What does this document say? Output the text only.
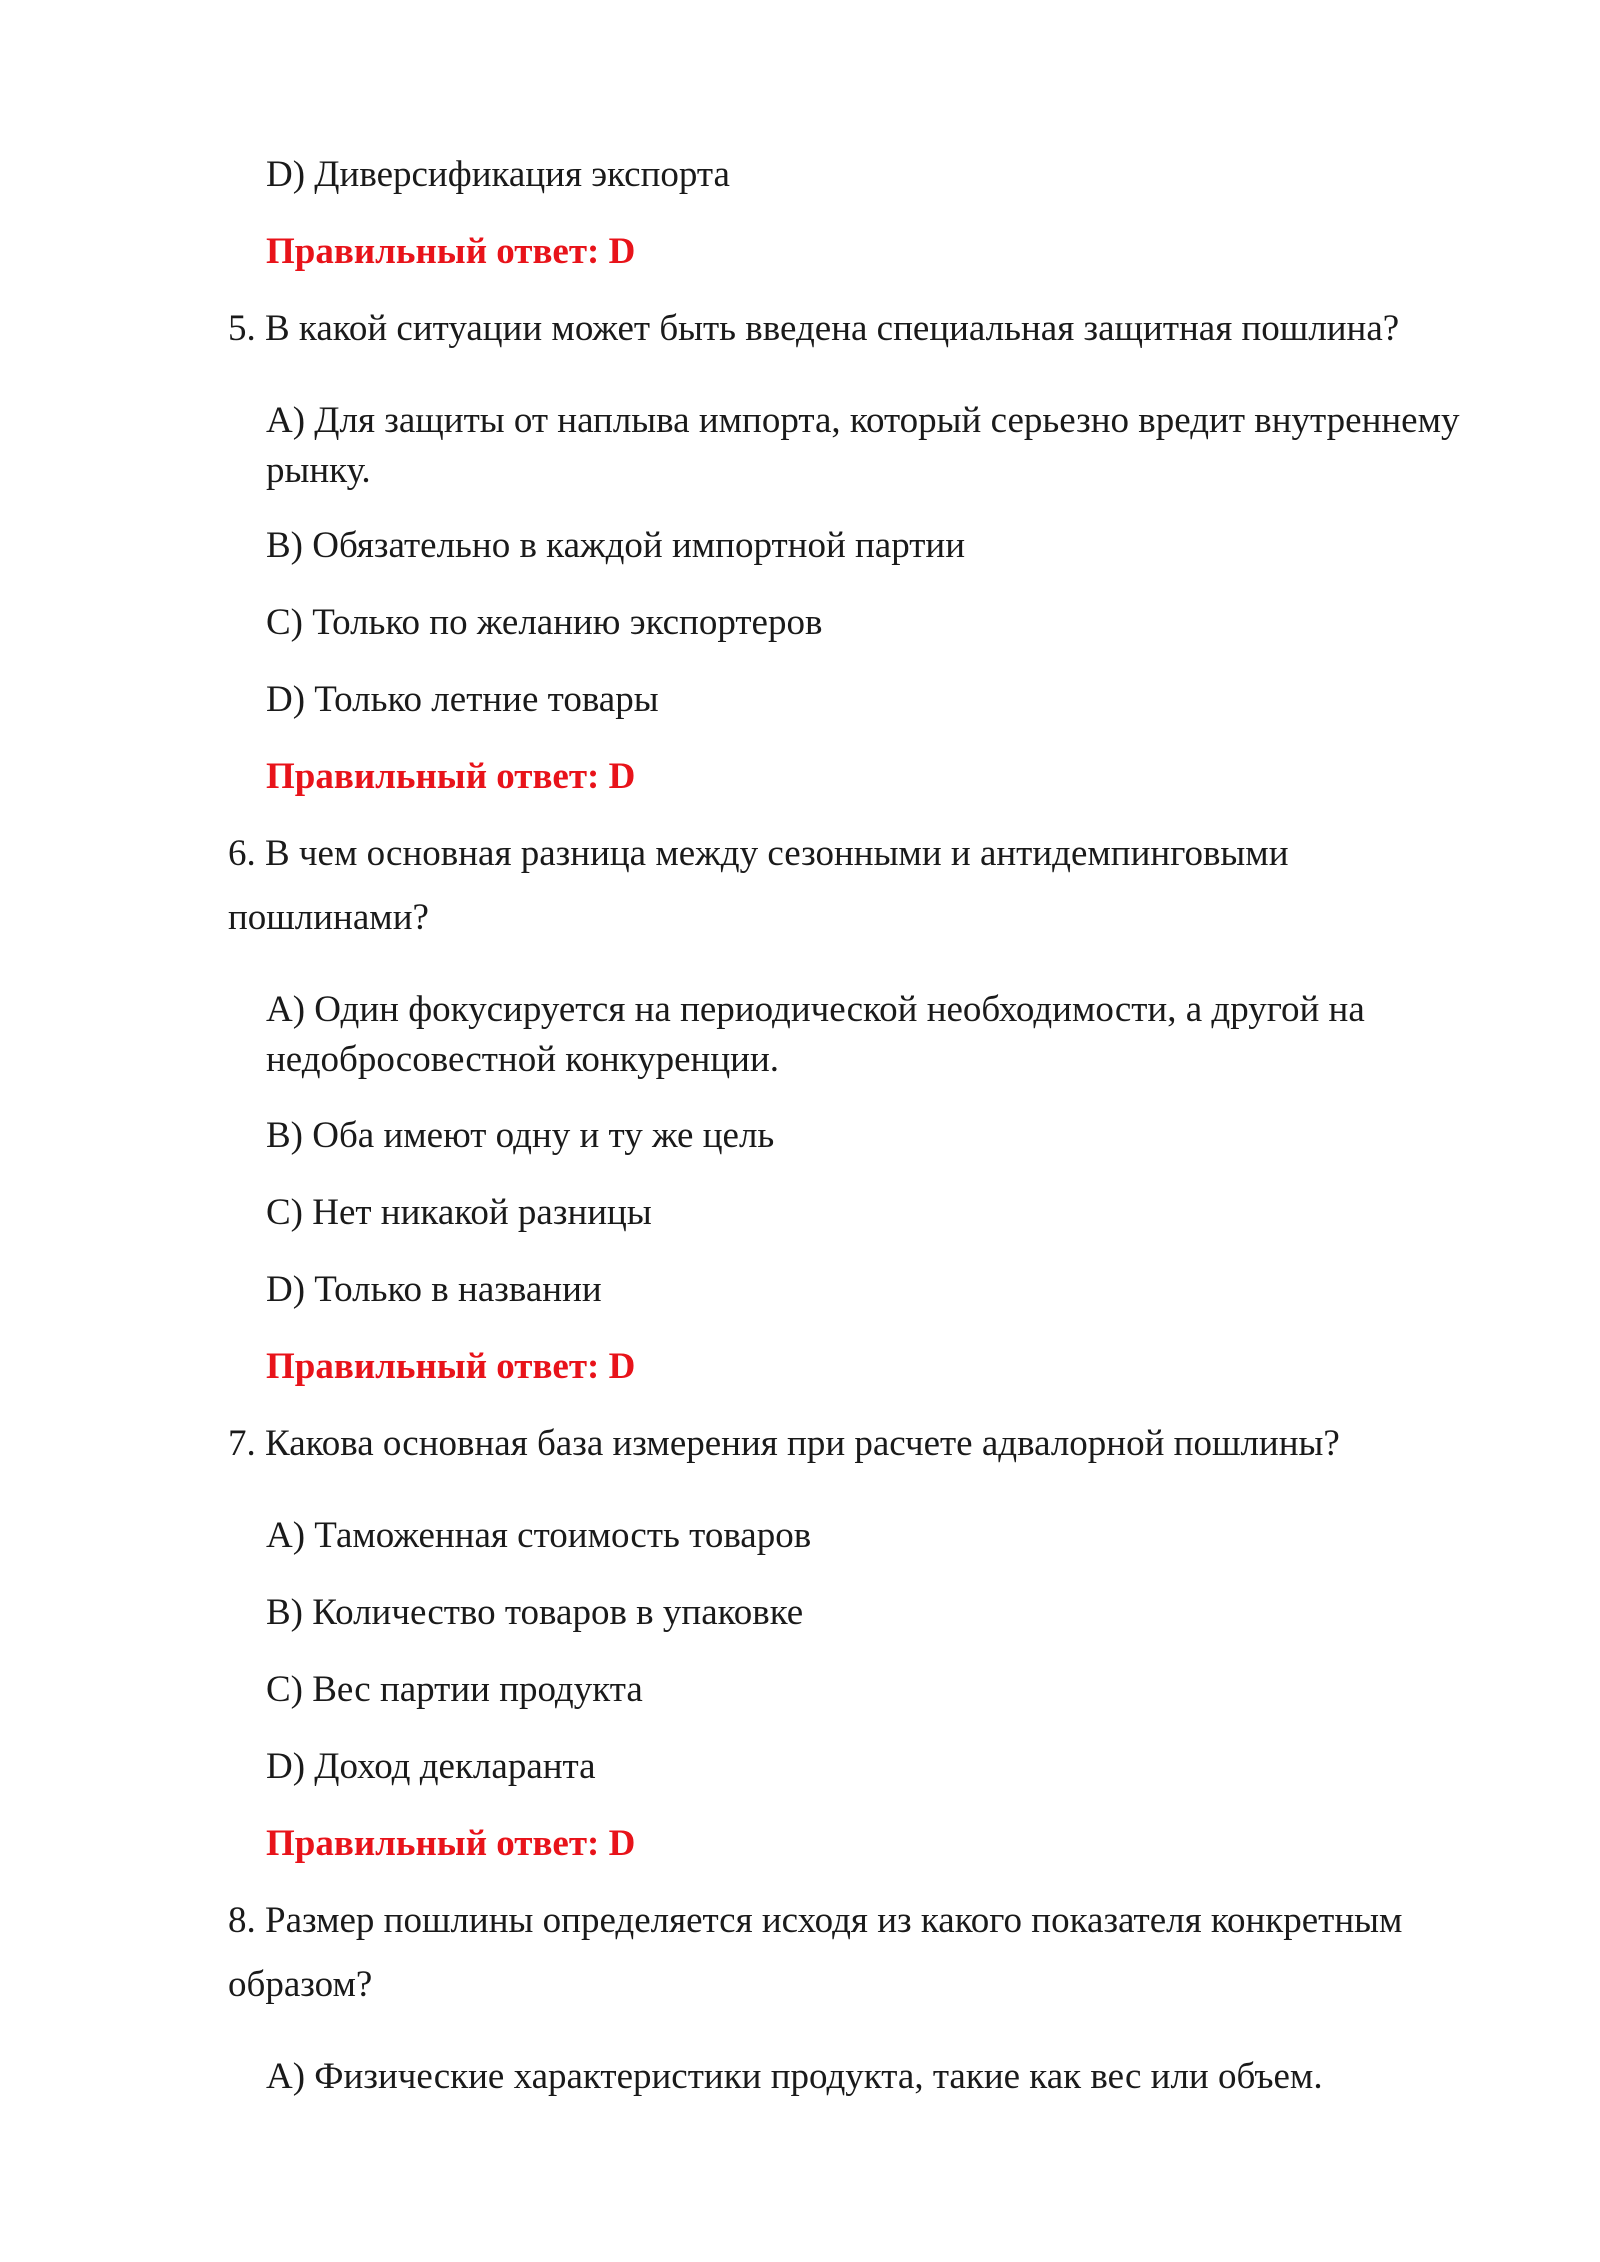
D) Диверсификация экспорта

Правильный ответ: D

5. В какой ситуации может быть введена специальная защитная пошлина?

A) Для защиты от наплыва импорта, который серьезно вредит внутреннему рынку.

B) Обязательно в каждой импортной партии

C) Только по желанию экспортеров

D) Только летние товары

Правильный ответ: D

6. В чем основная разница между сезонными и антидемпинговыми

пошлинами?

A) Один фокусируется на периодической необходимости, а другой на недобросовестной конкуренции.

B) Оба имеют одну и ту же цель

C) Нет никакой разницы

D) Только в названии

Правильный ответ: D

7. Какова основная база измерения при расчете адвалорной пошлины?

A) Таможенная стоимость товаров

B) Количество товаров в упаковке

C) Вес партии продукта

D) Доход декларанта

Правильный ответ: D

8. Размер пошлины определяется исходя из какого показателя конкретным

образом?

A) Физические характеристики продукта, такие как вес или объем.
